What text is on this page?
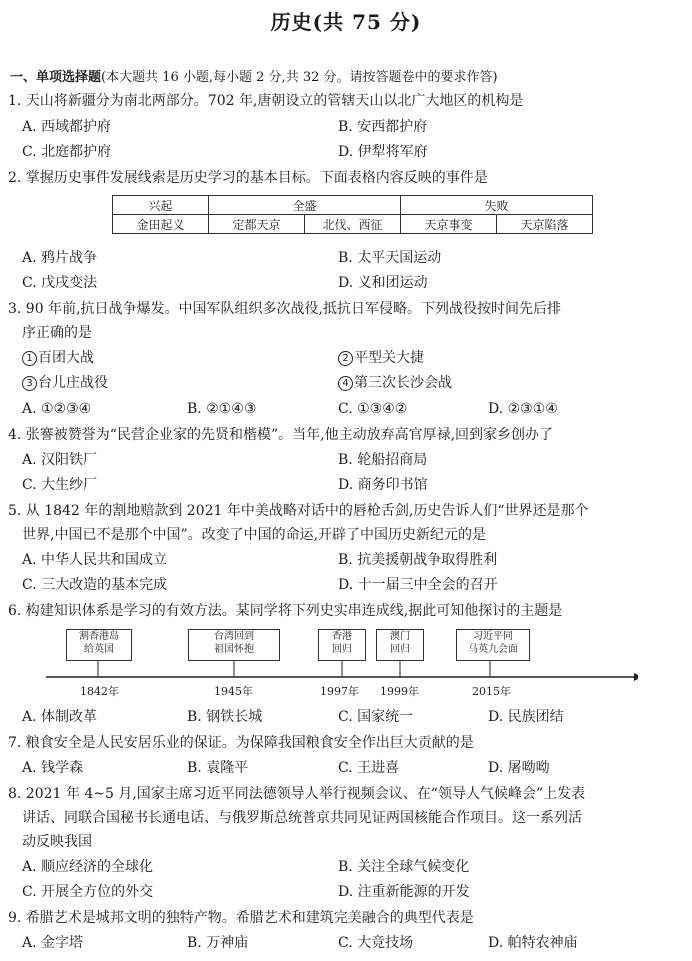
历史(共 75 分)
一、单项选择题(本大题共 16 小题,每小题 2 分,共 32 分。请按答题卷中的要求作答)
1. 天山将新疆分为南北两部分。702 年,唐朝设立的管辖天山以北广大地区的机构是
A. 西域都护府	B. 安西都护府
C. 北庭都护府	D. 伊犁将军府
2. 掌握历史事件发展线索是历史学习的基本目标。下面表格内容反映的事件是
兴起	全盛		失败	
金田起义	定都天京	北伐、西征	天京事变	天京陷落
A. 鸦片战争	B. 太平天国运动
C. 戊戌变法	D. 义和团运动
3. 90 年前,抗日战争爆发。中国军队组织多次战役,抵抗日军侵略。下列战役按时间先后排
序正确的是
1 百团大战	2 平型关大捷
3 台儿庄战役	4 第三次长沙会战
A. ①②③④	B. ②①④③	C. ①③④②	D. ②③①④
4. 张謇被赞誉为“民营企业家的先贤和楷模”。当年,他主动放弃高官厚禄,回到家乡创办了
A. 汉阳铁厂	B. 轮船招商局
C. 大生纱厂	D. 商务印书馆
5. 从 1842 年的割地赔款到 2021 年中美战略对话中的唇枪舌剑,历史告诉人们“世界还是那个
世界,中国已不是那个中国”。改变了中国的命运,开辟了中国历史新纪元的是
A. 中华人民共和国成立	B. 抗美援朝战争取得胜利
C. 三大改造的基本完成	D. 十一届三中全会的召开
6. 构建知识体系是学习的有效方法。某同学将下列史实串连成线,据此可知他探讨的主题是
割香港岛
给英国
台湾回到
祖国怀抱
香港
回归
澳门
回归
习近平同
马英九会面
1842年	1945年	1997年 1999年	2015年
A. 体制改革	B. 钢铁长城	C. 国家统一	D. 民族团结
7. 粮食安全是人民安居乐业的保证。为保障我国粮食安全作出巨大贡献的是
A. 钱学森	B. 袁隆平	C. 王进喜	D. 屠呦呦
8. 2021 年 4~5 月,国家主席习近平同法德领导人举行视频会议、在“领导人气候峰会”上发表
讲话、同联合国秘书长通电话、与俄罗斯总统普京共同见证两国核能合作项目。这一系列活
动反映我国
A. 顺应经济的全球化	B. 关注全球气候变化
C. 开展全方位的外交	D. 注重新能源的开发
9. 希腊艺术是城邦文明的独特产物。希腊艺术和建筑完美融合的典型代表是
A. 金字塔	B. 万神庙	C. 大竞技场	D. 帕特农神庙
